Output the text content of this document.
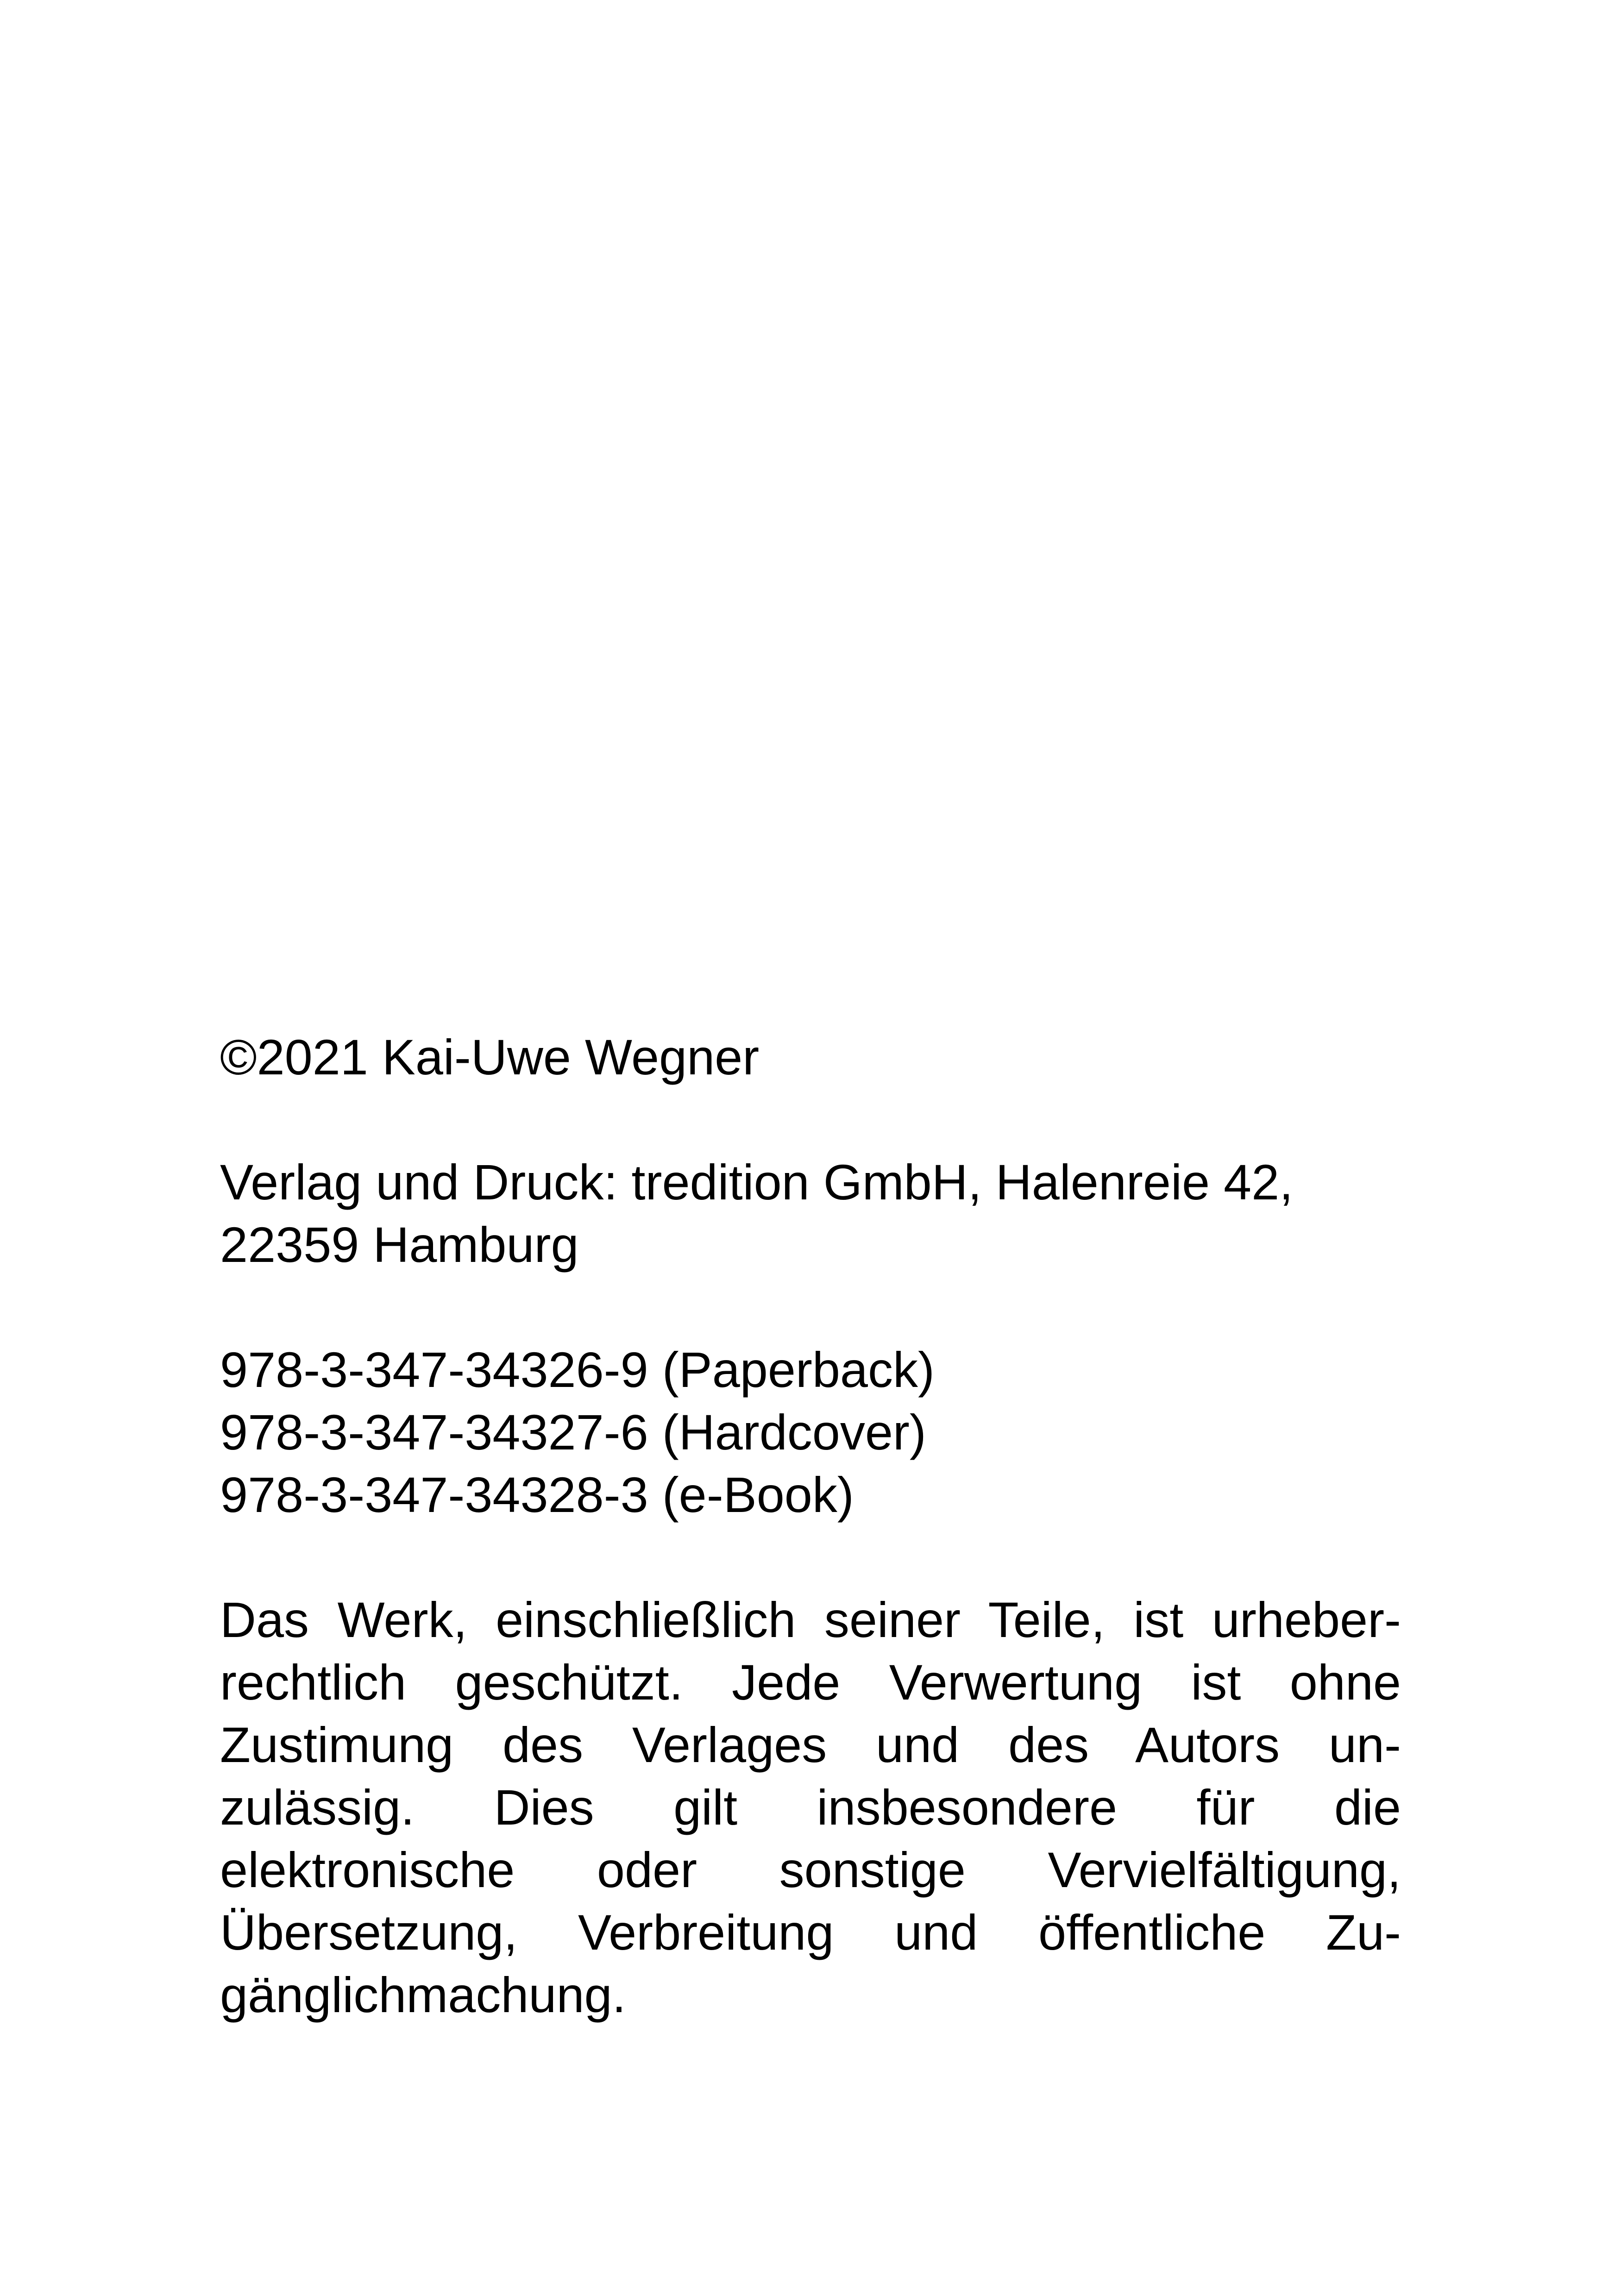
©2021 Kai-Uwe Wegner
Verlag und Druck: tredition GmbH, Halenreie 42,
22359 Hamburg
978-3-347-34326-9 (Paperback)
978-3-347-34327-6 (Hardcover)
978-3-347-34328-3 (e-Book)
Das Werk, einschließlich seiner Teile, ist urheber-
rechtlich geschützt. Jede Verwertung ist ohne
Zustimung des Verlages und des Autors un-
zulässig. Dies gilt insbesondere für die
elektronische oder sonstige Vervielfältigung,
Übersetzung, Verbreitung und öffentliche Zu-
gänglichmachung.
